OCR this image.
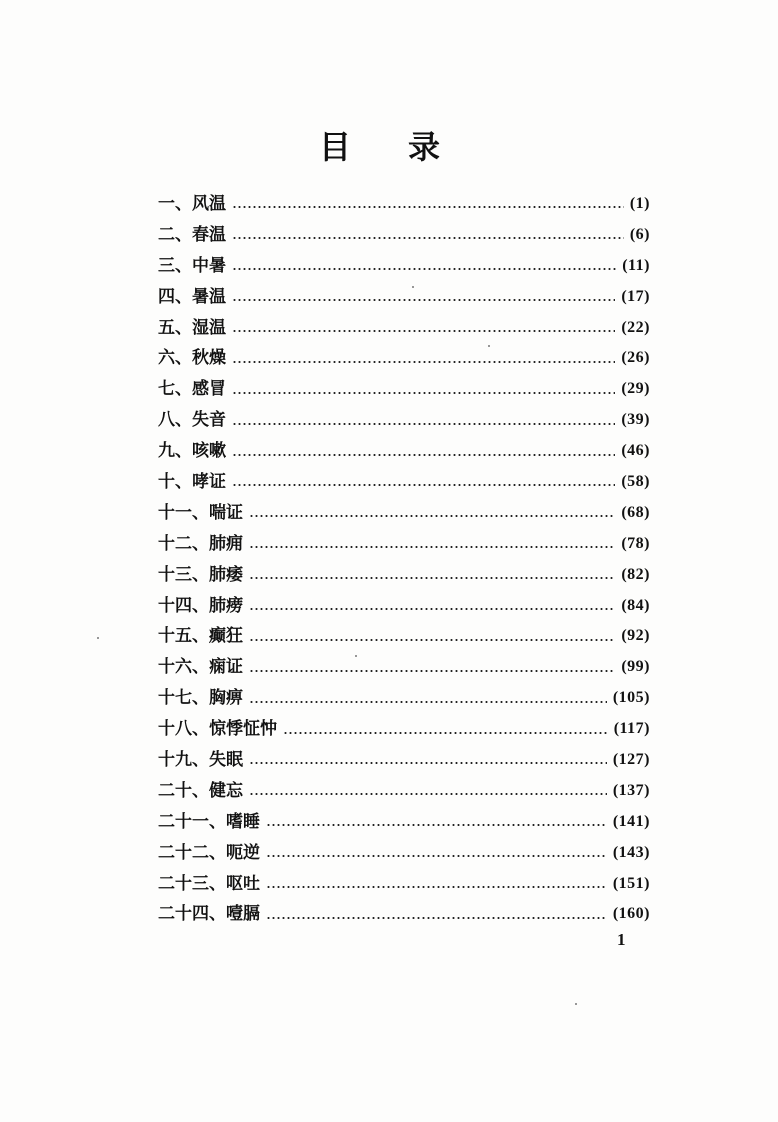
目 录
一、风温	(1)
二、春温	(6)
三、中暑	(11)
四、暑温	(17)
五、湿温	(22)
六、秋燥	(26)
七、感冒	(29)
八、失音	(39)
九、咳嗽	(46)
十、哮证	(58)
十一、喘证	(68)
十二、肺痈	(78)
十三、肺痿	(82)
十四、肺痨	(84)
十五、癫狂	(92)
十六、痫证	(99)
十七、胸痹	(105)
十八、惊悸怔忡	(117)
十九、失眠	(127)
二十、健忘	(137)
二十一、嗜睡	(141)
二十二、呃逆	(143)
二十三、呕吐	(151)
二十四、噎膈	(160)
1
